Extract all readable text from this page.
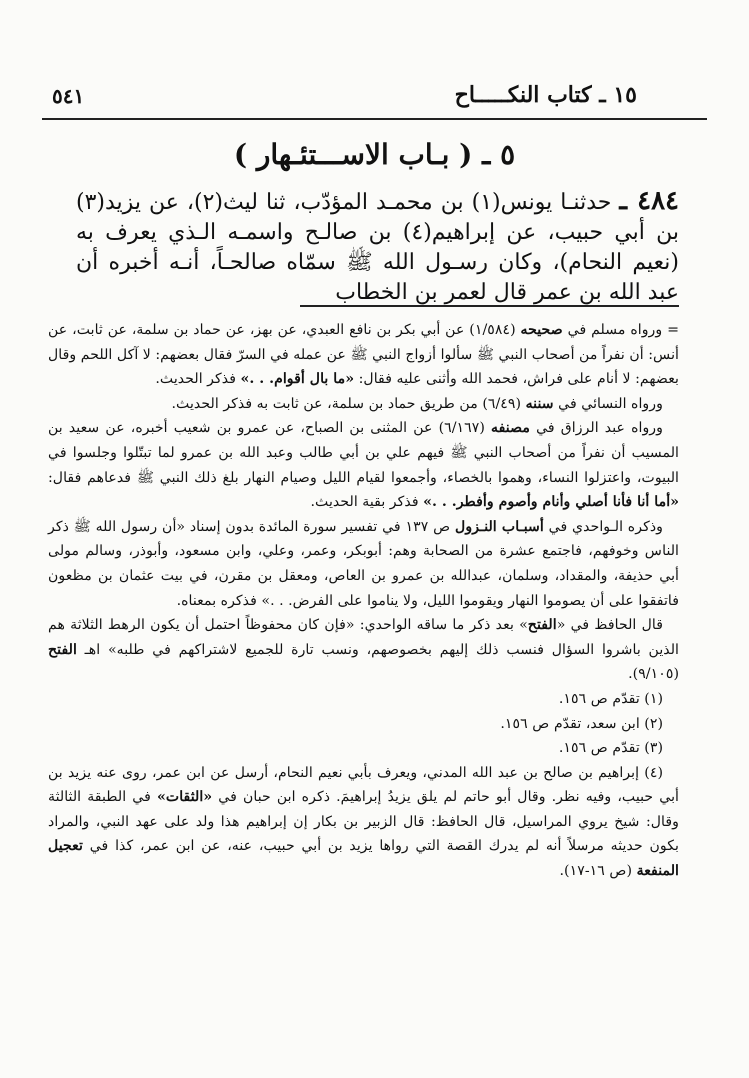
١٥ ـ كتاب النكـــــاح
٥٤١
٥ ـ ( بـاب الاســـتئـهار )
٤٨٤ ـ حدثنـا يونس(١) بن محمـد المؤدّب، ثنا ليث(٢)، عن يزيد(٣) بن أبي حبيب، عن إبراهيم(٤) بن صالـح واسمـه الـذي يعرف به (نعيم النحام)، وكان رسـول الله ﷺ سمّاه صالحـاً، أنـه أخبره أن عبد الله بن عمر قال لعمر بن الخطاب

= ورواه مسلم في صحيحه (١/٥٨٤) عن أبي بكر بن نافع العبدي، عن بهز، عن حماد بن سلمة، عن ثابت، عن أنس: أن نفراً من أصحاب النبي ﷺ سألوا أزواج النبي ﷺ عن عمله في السرّ فقال بعضهم: لا آكل اللحم وقال بعضهم: لا أنام على فراش، فحمد الله وأثنى عليه فقال: «ما بال أقوام. . .» فذكر الحديث.

ورواه النسائي في سننه (٦/٤٩) من طريق حماد بن سلمة، عن ثابت به فذكر الحديث.

ورواه عبد الرزاق في مصنفه (٦/١٦٧) عن المثنى بن الصباح، عن عمرو بن شعيب أخبره، عن سعيد بن المسيب أن نفراً من أصحاب النبي ﷺ فيهم علي بن أبي طالب وعبد الله بن عمرو لما تبتّلوا وجلسوا في البيوت، واعتزلوا النساء، وهموا بالخصاء، وأجمعوا لقيام الليل وصيام النهار بلغ ذلك النبي ﷺ فدعاهم فقال: «أما أنا فأنا أصلي وأنام وأصوم وأفطر. . .» فذكر بقية الحديث.

وذكره الـواحدي في أسبـاب النـزول ص ١٣٧ في تفسير سورة المائدة بدون إسناد «أن رسول الله ﷺ ذكر الناس وخوفهم، فاجتمع عشرة من الصحابة وهم: أبوبكر، وعمر، وعلي، وابن مسعود، وأبوذر، وسالم مولى أبي حذيفة، والمقداد، وسلمان، عبدالله بن عمرو بن العاص، ومعقل بن مقرن، في بيت عثمان بن مظعون فاتفقوا على أن يصوموا النهار ويقوموا الليل، ولا يناموا على الفرض. . .» فذكره بمعناه.

قال الحافظ في «الفتح» بعد ذكر ما ساقه الواحدي: «فإن كان محفوظاً احتمل أن يكون الرهط الثلاثة هم الذين باشروا السؤال فنسب ذلك إليهم بخصوصهم، ونسب تارة للجميع لاشتراكهم في طلبه» اهـ الفتح (٩/١٠٥).

(١) تقدّم ص ١٥٦.

(٢) ابن سعد، تقدّم ص ١٥٦.

(٣) تقدّم ص ١٥٦.

(٤) إبراهيم بن صالح بن عبد الله المدني، ويعرف بأبي نعيم النحام، أرسل عن ابن عمر، روى عنه يزيد بن أبي حبيب، وفيه نظر. وقال أبو حاتم لم يلق يزيدُ إبراهيمَ. ذكره ابن حبان في «الثقات» في الطبقة الثالثة وقال: شيخ يروي المراسيل، قال الحافظ: قال الزبير بن بكار إن إبراهيم هذا ولد على عهد النبي، والمراد بكون حديثه مرسلاً أنه لم يدرك القصة التي رواها يزيد بن أبي حبيب، عنه، عن ابن عمر، كذا في تعجيل المنفعة (ص ١٦-١٧).
